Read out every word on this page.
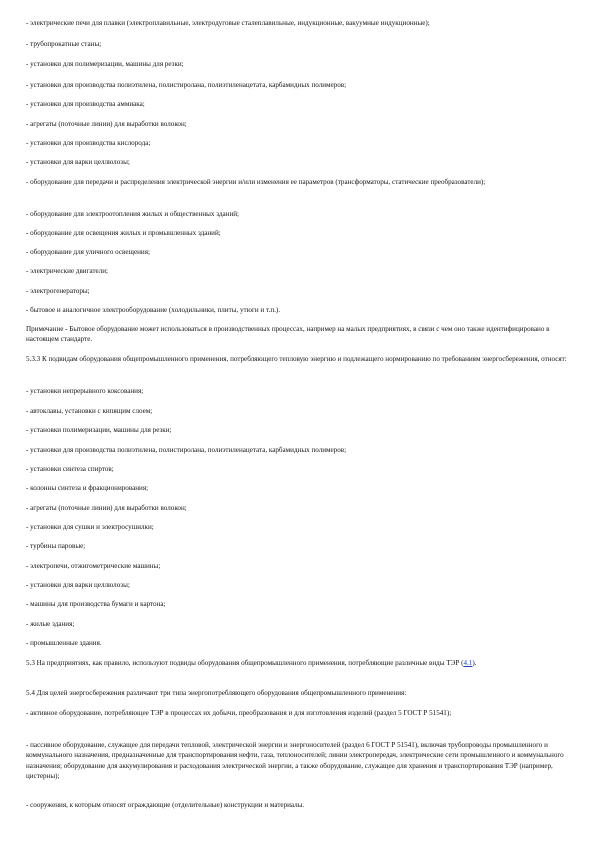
- электрические печи для плавки (электроплавильные, электродуговые сталеплавильные, индукционные, вакуумные индукционные);

- трубопрокатные станы;

- установки для полимеризации, машины для резки;

- установки для производства полиэтилена, полистиролана, полиэтиленацетата, карбамидных полимеров;

- установки для производства аммиака;

- агрегаты (поточные линии) для выработки волокон;

- установки для производства кислорода;

- установки для варки целлюлозы;

- оборудование для передачи и распределения электрической энергии и/или изменения ее параметров (трансформаторы, статические преобразователи);

- оборудование для электроотопления жилых и общественных зданий;

- оборудование для освещения жилых и промышленных зданий;

- оборудование для уличного освещения;

- электрические двигатели;

- электрогенераторы;

- бытовое и аналогичное электрооборудование (холодильники, плиты, утюги и т.п.).

Примечание - Бытовое оборудование может использоваться в производственных процессах, например на малых предприятиях, в связи с чем оно также идентифицировано в настоящем стандарте.

5.3.3 К подвидам оборудования общепромышленного применения, потребляющего тепловую энергию и подлежащего нормированию по требованиям энергосбережения, относят:

- установки непрерывного коксования;

- автоклавы, установки с кипящим слоем;

- установки полимеризации, машины для резки;

- установки для производства полиэтилена, полистиролана, полиэтиленацетата, карбамидных полимеров;

- установки синтеза спиртов;

- колонны синтеза и фракционирования;

- агрегаты (поточные линии) для выработки волокон;

- установки для сушки и электросушилки;

- турбины паровые;

- электропечи, отжигометрические машины;

- установки для варки целлюлозы;

- машины для производства бумаги и картона;

- жилые здания;

- промышленные здания.

5.3 На предприятиях, как правило, используют подвиды оборудования общепромышленного применения, потребляющие различные виды ТЭР (4.1).

5.4 Для целей энергосбережения различают три типа энергопотребляющего оборудования общепромышленного применения:

- активное оборудование, потребляющее ТЭР в процессах их добычи, преобразования и для изготовления изделий (раздел 5 ГОСТ Р 51541);

- пассивное оборудование, служащее для передачи тепловой, электрической энергии и энергоносителей (раздел 6 ГОСТ Р 51541), включая трубопроводы промышленного и коммунального назначения, предназначенные для транспортирования нефти, газа, теплоносителей; линии электропередач, электрические сети промышленного и коммунального назначения; оборудование для аккумулирования и расходования электрической энергии, а также оборудование, служащее для хранения и транспортирования ТЭР (например, цистерны);

- сооружения, к которым относят ограждающие (отделительные) конструкции и материалы.
